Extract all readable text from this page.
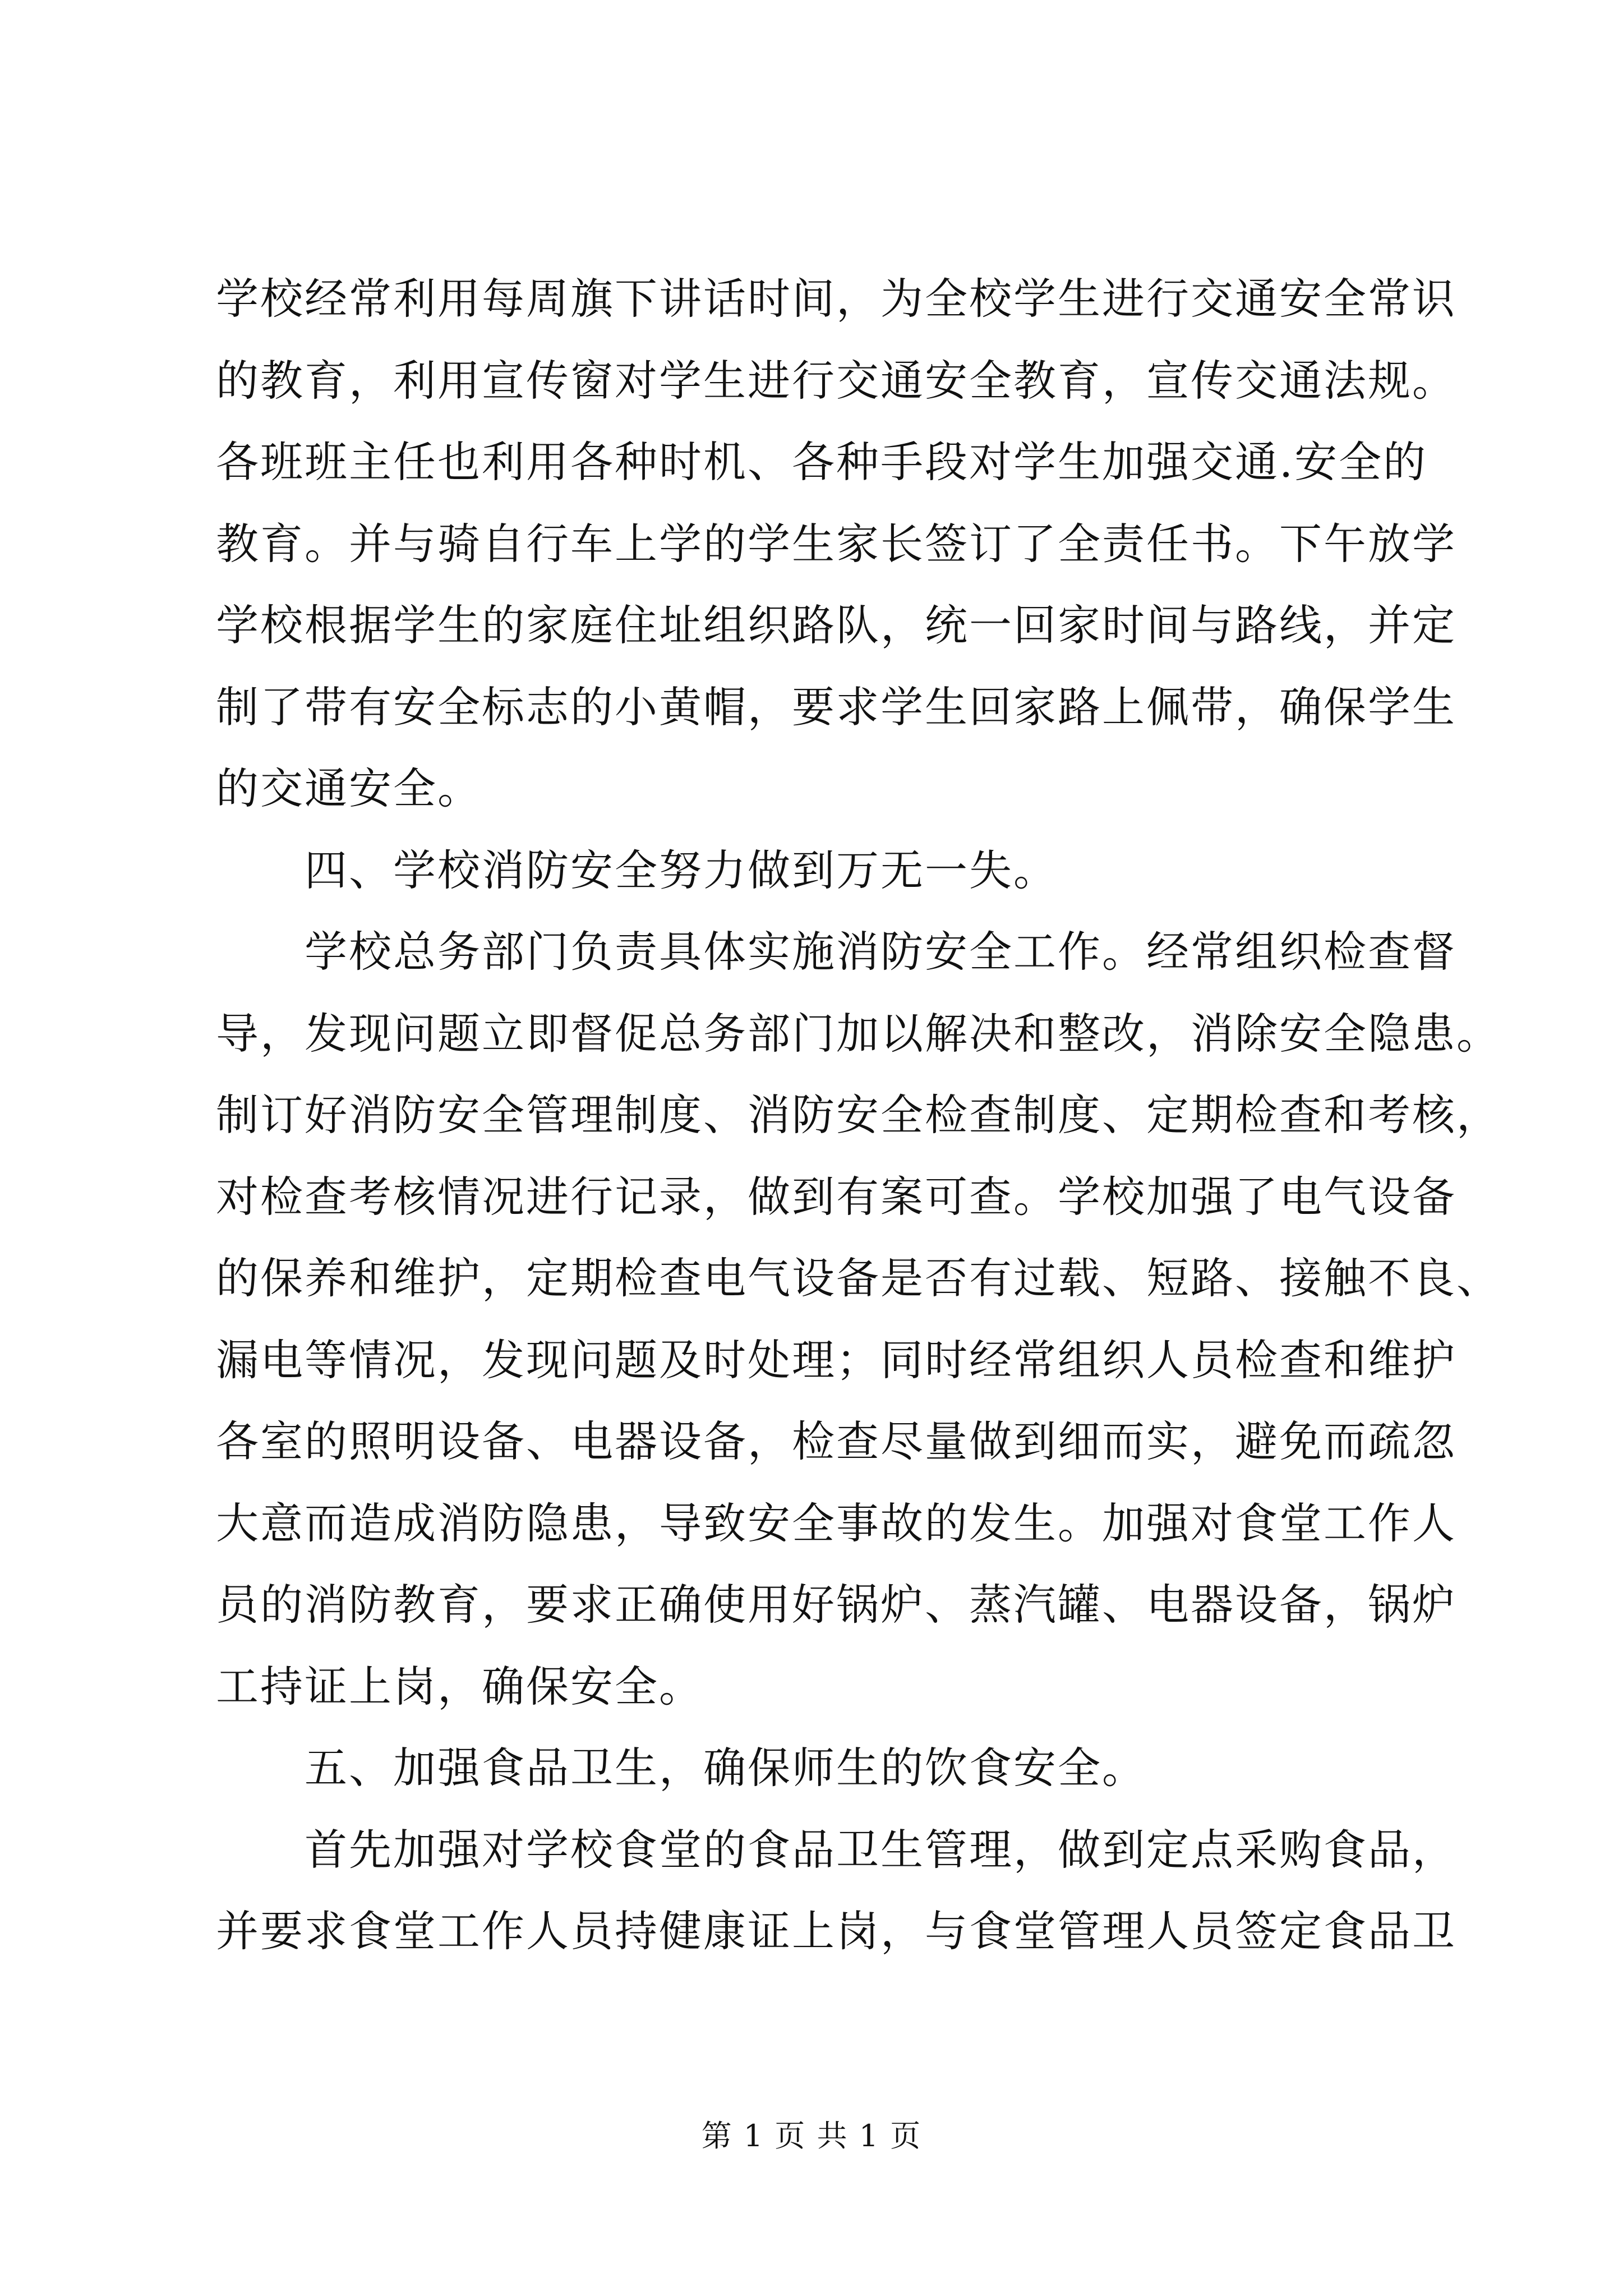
学校经常利用每周旗下讲话时间，为全校学生进行交通安全常识
的教育，利用宣传窗对学生进行交通安全教育，宣传交通法规。
各班班主任也利用各种时机、各种手段对学生加强交通.安全的
教育。并与骑自行车上学的学生家长签订了全责任书。下午放学
学校根据学生的家庭住址组织路队，统一回家时间与路线，并定
制了带有安全标志的小黄帽，要求学生回家路上佩带，确保学生
的交通安全。
　　四、学校消防安全努力做到万无一失。
　　学校总务部门负责具体实施消防安全工作。经常组织检查督
导，发现问题立即督促总务部门加以解决和整改，消除安全隐患。
制订好消防安全管理制度、消防安全检查制度、定期检查和考核，
对检查考核情况进行记录，做到有案可查。学校加强了电气设备
的保养和维护，定期检查电气设备是否有过载、短路、接触不良、
漏电等情况，发现问题及时处理；同时经常组织人员检查和维护
各室的照明设备、电器设备，检查尽量做到细而实，避免而疏忽
大意而造成消防隐患，导致安全事故的发生。加强对食堂工作人
员的消防教育，要求正确使用好锅炉、蒸汽罐、电器设备，锅炉
工持证上岗，确保安全。
　　五、加强食品卫生，确保师生的饮食安全。
　　首先加强对学校食堂的食品卫生管理，做到定点采购食品，
并要求食堂工作人员持健康证上岗，与食堂管理人员签定食品卫
第 1 页 共 1 页
